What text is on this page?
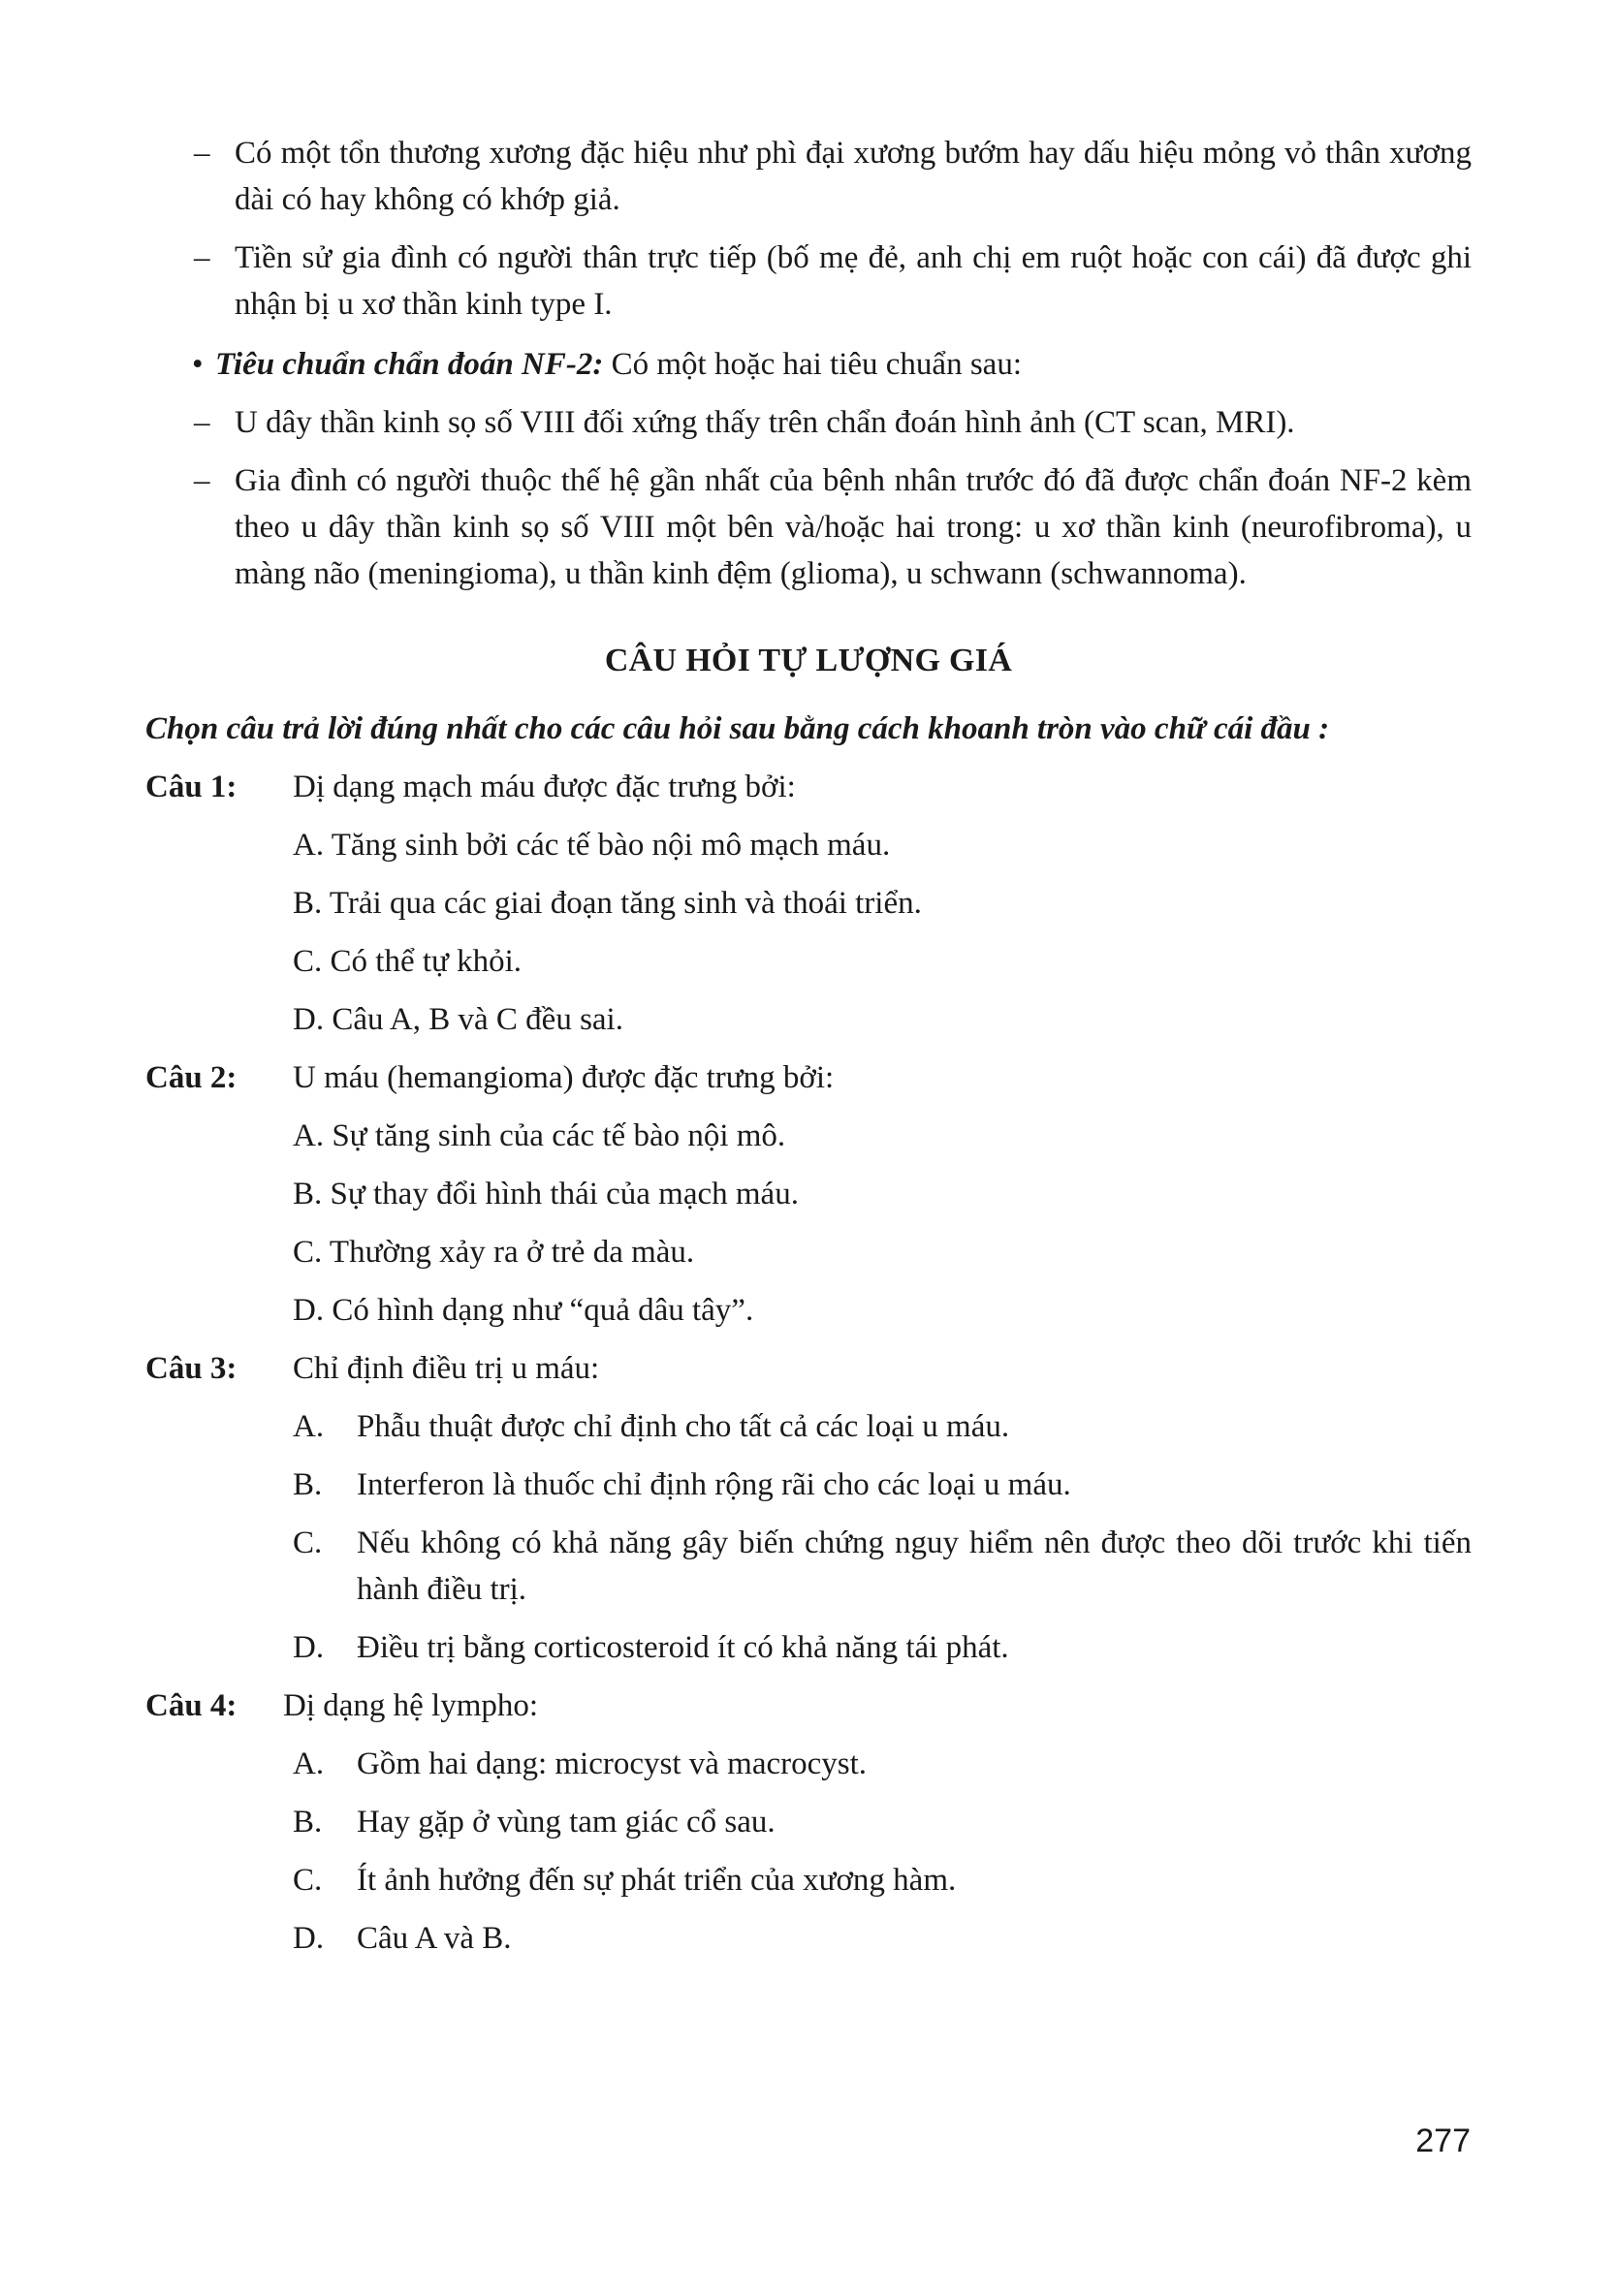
– Có một tổn thương xương đặc hiệu như phì đại xương bướm hay dấu hiệu mỏng vỏ thân xương dài có hay không có khớp giả.
– Tiền sử gia đình có người thân trực tiếp (bố mẹ đẻ, anh chị em ruột hoặc con cái) đã được ghi nhận bị u xơ thần kinh type I.
• Tiêu chuẩn chẩn đoán NF-2: Có một hoặc hai tiêu chuẩn sau:
– U dây thần kinh sọ số VIII đối xứng thấy trên chẩn đoán hình ảnh (CT scan, MRI).
– Gia đình có người thuộc thế hệ gần nhất của bệnh nhân trước đó đã được chẩn đoán NF-2 kèm theo u dây thần kinh sọ số VIII một bên và/hoặc hai trong: u xơ thần kinh (neurofibroma), u màng não (meningioma), u thần kinh đệm (glioma), u schwann (schwannoma).
CÂU HỎI TỰ LƯỢNG GIÁ
Chọn câu trả lời đúng nhất cho các câu hỏi sau bằng cách khoanh tròn vào chữ cái đầu :
Câu 1: Dị dạng mạch máu được đặc trưng bởi:
A. Tăng sinh bởi các tế bào nội mô mạch máu.
B. Trải qua các giai đoạn tăng sinh và thoái triển.
C. Có thể tự khỏi.
D. Câu A, B và C đều sai.
Câu 2: U máu (hemangioma) được đặc trưng bởi:
A. Sự tăng sinh của các tế bào nội mô.
B. Sự thay đổi hình thái của mạch máu.
C. Thường xảy ra ở trẻ da màu.
D. Có hình dạng như “quả dâu tây”.
Câu 3: Chỉ định điều trị u máu:
A. Phẫu thuật được chỉ định cho tất cả các loại u máu.
B. Interferon là thuốc chỉ định rộng rãi cho các loại u máu.
C. Nếu không có khả năng gây biến chứng nguy hiểm nên được theo dõi trước khi tiến hành điều trị.
D. Điều trị bằng corticosteroid ít có khả năng tái phát.
Câu 4: Dị dạng hệ lympho:
A. Gồm hai dạng: microcyst và macrocyst.
B. Hay gặp ở vùng tam giác cổ sau.
C. Ít ảnh hưởng đến sự phát triển của xương hàm.
D. Câu A và B.
277
